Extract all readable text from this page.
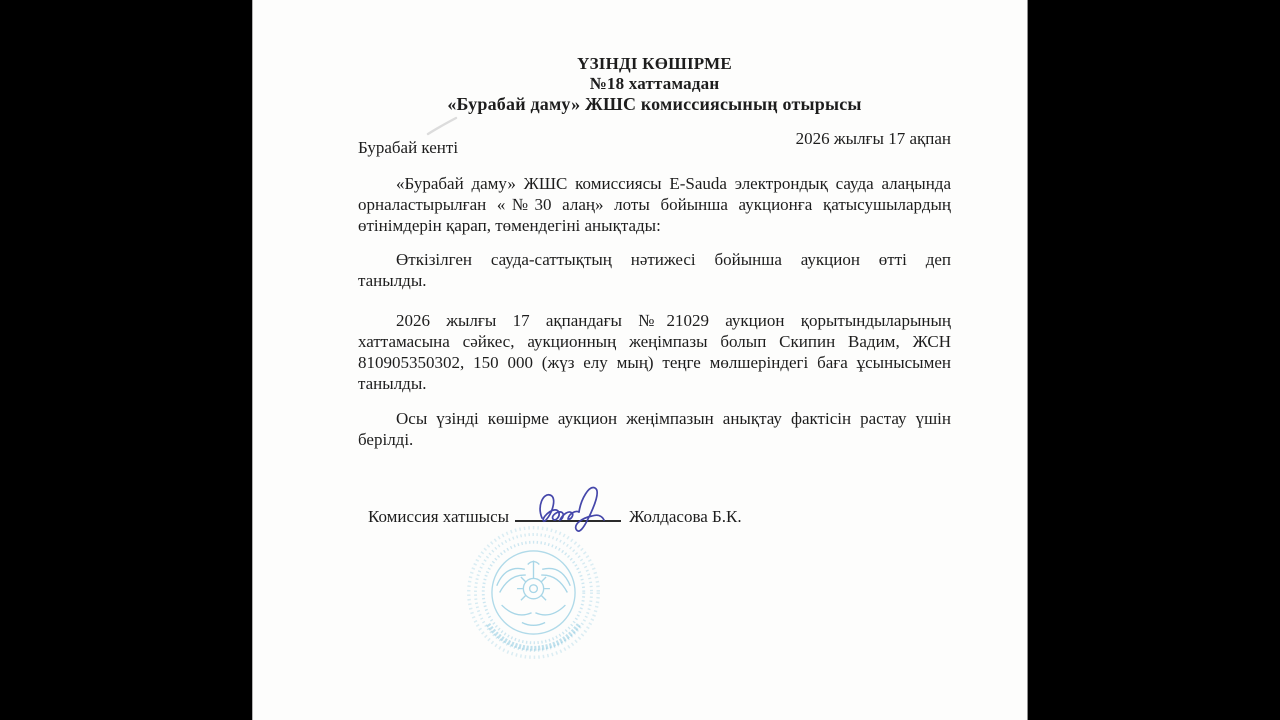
ҮЗІНДІ КӨШІРМЕ
№18 хаттамадан
«Бурабай даму» ЖШС комиссиясының отырысы
Бурабай кенті	2026 жылғы 17 ақпан
«Бурабай даму» ЖШС комиссиясы E-Sauda электрондық сауда алаңында
орналастырылған «№30 алаң» лоты бойынша аукционға қатысушылардың
өтінімдерін қарап, төмендегіні анықтады:
Өткізілген сауда-саттықтың нәтижесі бойынша аукцион өтті деп
танылды.
2026 жылғы 17 ақпандағы №21029 аукцион қорытындыларының
хаттамасына сәйкес, аукционның жеңімпазы болып Скипин Вадим, ЖСН
810905350302, 150 000 (жүз елу мың) теңге мөлшеріндегі баға ұсынысымен
танылды.
Осы үзінді көшірме аукцион жеңімпазын анықтау фактісін растау үшін
берілді.
Комиссия хатшысы	Жолдасова Б.К.
